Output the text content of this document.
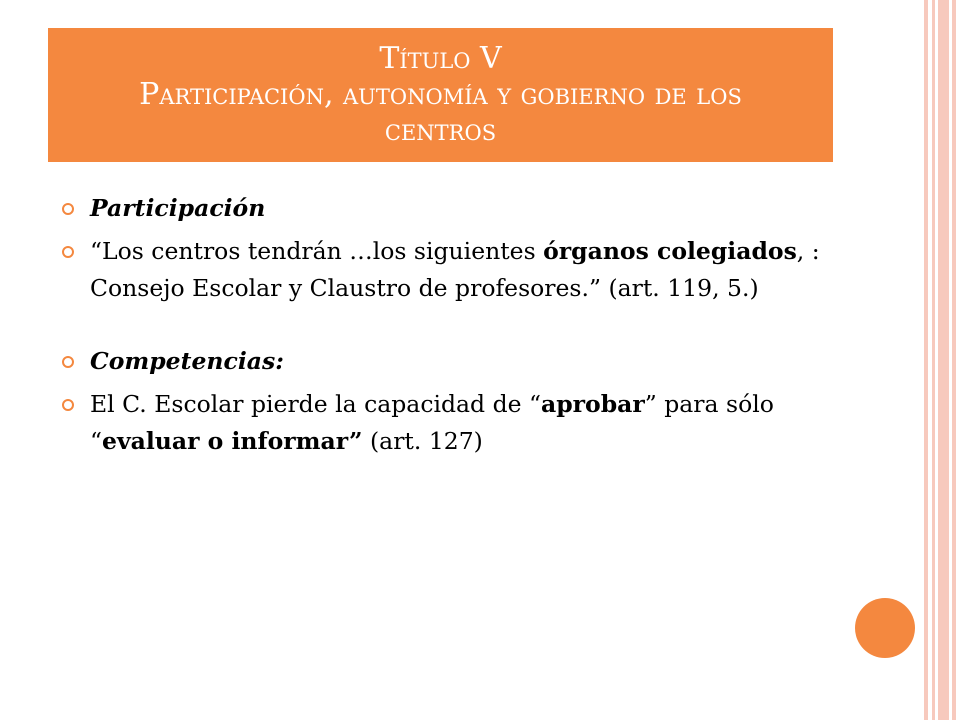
Título V
Participación, autonomía y gobierno de los centros
Participación
“Los centros tendrán …los siguientes órganos colegiados, : Consejo Escolar y Claustro de profesores.” (art. 119, 5.)
Competencias:
El C. Escolar pierde la capacidad de “aprobar” para sólo “evaluar o informar” (art. 127)
